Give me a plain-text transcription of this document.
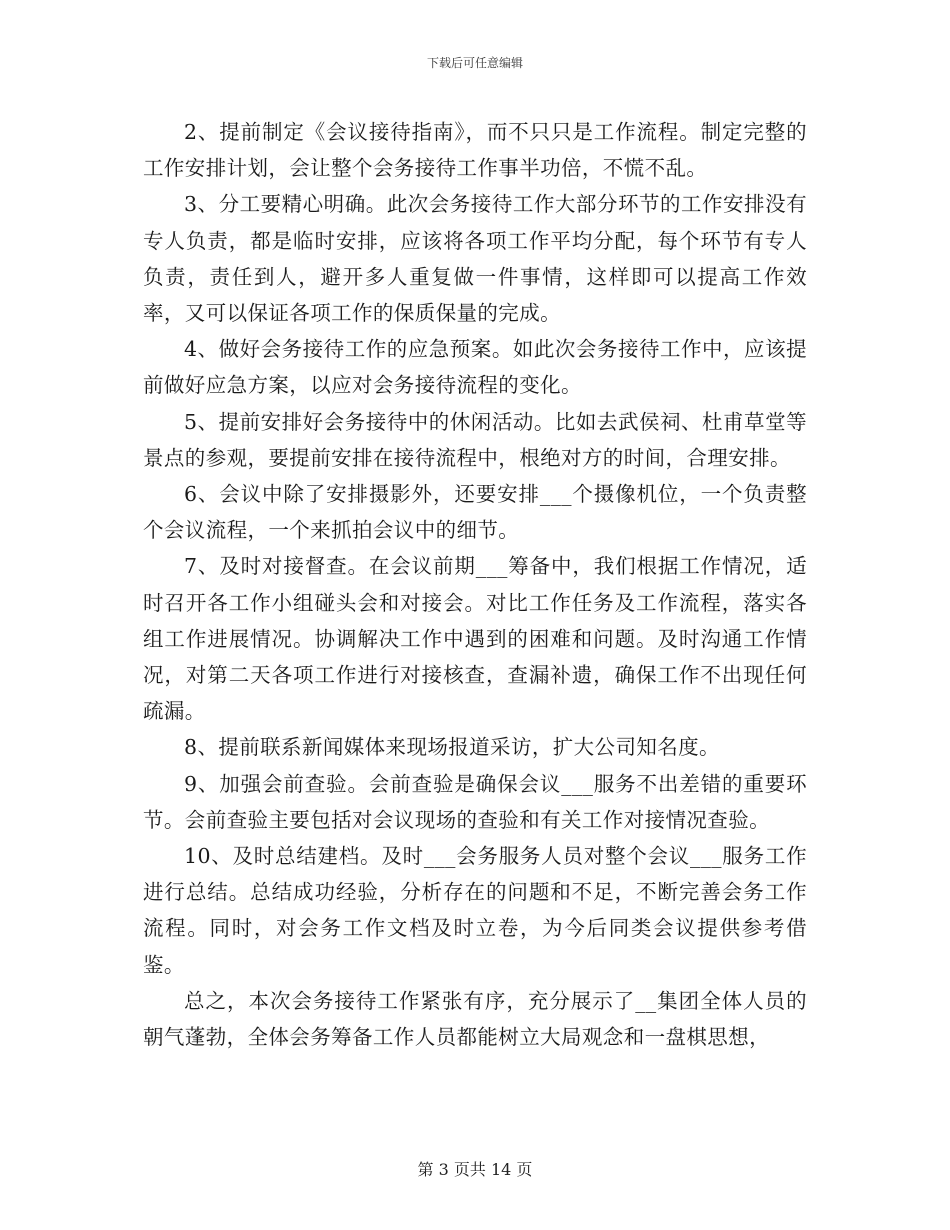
下载后可任意编辑

2、提前制定《会议接待指南》，而不只只是工作流程。制定完整的工作安排计划，会让整个会务接待工作事半功倍，不慌不乱。

3、分工要精心明确。此次会务接待工作大部分环节的工作安排没有专人负责，都是临时安排，应该将各项工作平均分配，每个环节有专人负责，责任到人，避开多人重复做一件事情，这样即可以提高工作效率，又可以保证各项工作的保质保量的完成。

4、做好会务接待工作的应急预案。如此次会务接待工作中，应该提前做好应急方案，以应对会务接待流程的变化。

5、提前安排好会务接待中的休闲活动。比如去武侯祠、杜甫草堂等景点的参观，要提前安排在接待流程中，根绝对方的时间，合理安排。

6、会议中除了安排摄影外，还要安排___个摄像机位，一个负责整个会议流程，一个来抓拍会议中的细节。

7、及时对接督查。在会议前期___筹备中，我们根据工作情况，适时召开各工作小组碰头会和对接会。对比工作任务及工作流程，落实各组工作进展情况。协调解决工作中遇到的困难和问题。及时沟通工作情况，对第二天各项工作进行对接核查，查漏补遗，确保工作不出现任何疏漏。

8、提前联系新闻媒体来现场报道采访，扩大公司知名度。

9、加强会前查验。会前查验是确保会议___服务不出差错的重要环节。会前查验主要包括对会议现场的查验和有关工作对接情况查验。

10、及时总结建档。及时___会务服务人员对整个会议___服务工作进行总结。总结成功经验，分析存在的问题和不足，不断完善会务工作流程。同时，对会务工作文档及时立卷，为今后同类会议提供参考借鉴。

总之，本次会务接待工作紧张有序，充分展示了__集团全体人员的朝气蓬勃，全体会务筹备工作人员都能树立大局观念和一盘棋思想，

第 3 页共 14 页
